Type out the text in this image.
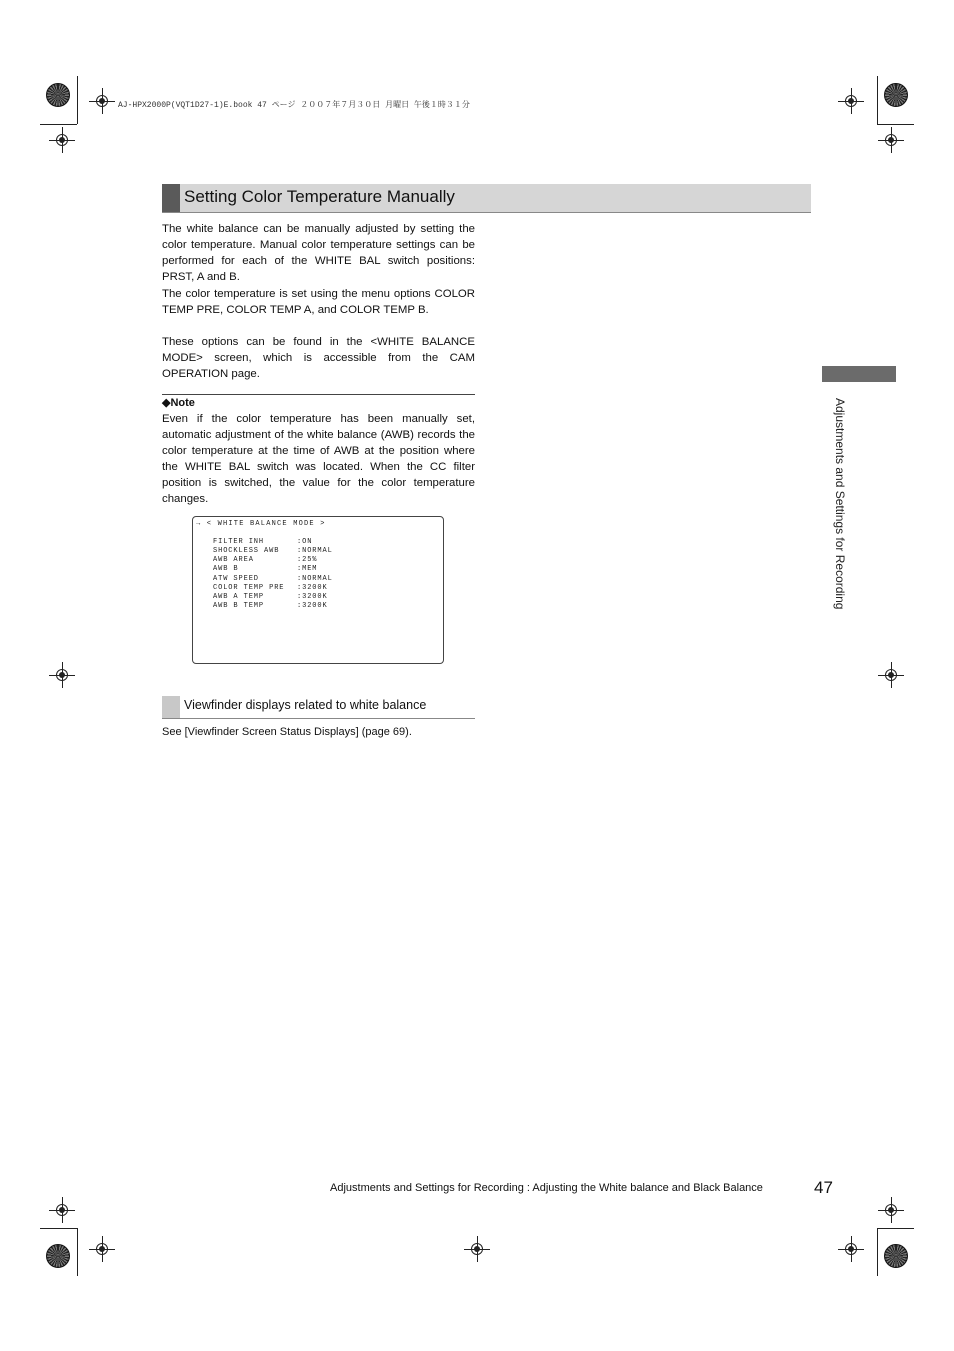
AJ-HPX2000P(VQT1D27-1)E.book 47 ページ ２００７年７月３０日 月曜日 午後１時３１分
Setting Color Temperature Manually

The white balance can be manually adjusted by setting the color temperature. Manual color temperature settings can be performed for each of the WHITE BAL switch positions: PRST, A and B.

The color temperature is set using the menu options COLOR TEMP PRE, COLOR TEMP A, and COLOR TEMP B.

These options can be found in the <WHITE BALANCE MODE> screen, which is accessible from the CAM OPERATION page.

◆Note

Even if the color temperature has been manually set, automatic adjustment of the white balance (AWB) records the color temperature at the time of AWB at the position where the WHITE BAL switch was located. When the CC filter position is switched, the value for the color temperature changes.

→ < WHITE BALANCE MODE >
FILTER INH	:ON
SHOCKLESS AWB	:NORMAL
AWB AREA	:25%
AWB B	:MEM
ATW SPEED	:NORMAL
COLOR TEMP PRE :3200K
AWB A TEMP	:3200K
AWB B TEMP	:3200K
Viewfinder displays related to white balance
See [Viewfinder Screen Status Displays] (page 69).
Adjustments and Settings for Recording
Adjustments and Settings for Recording : Adjusting the White balance and Black Balance	47
